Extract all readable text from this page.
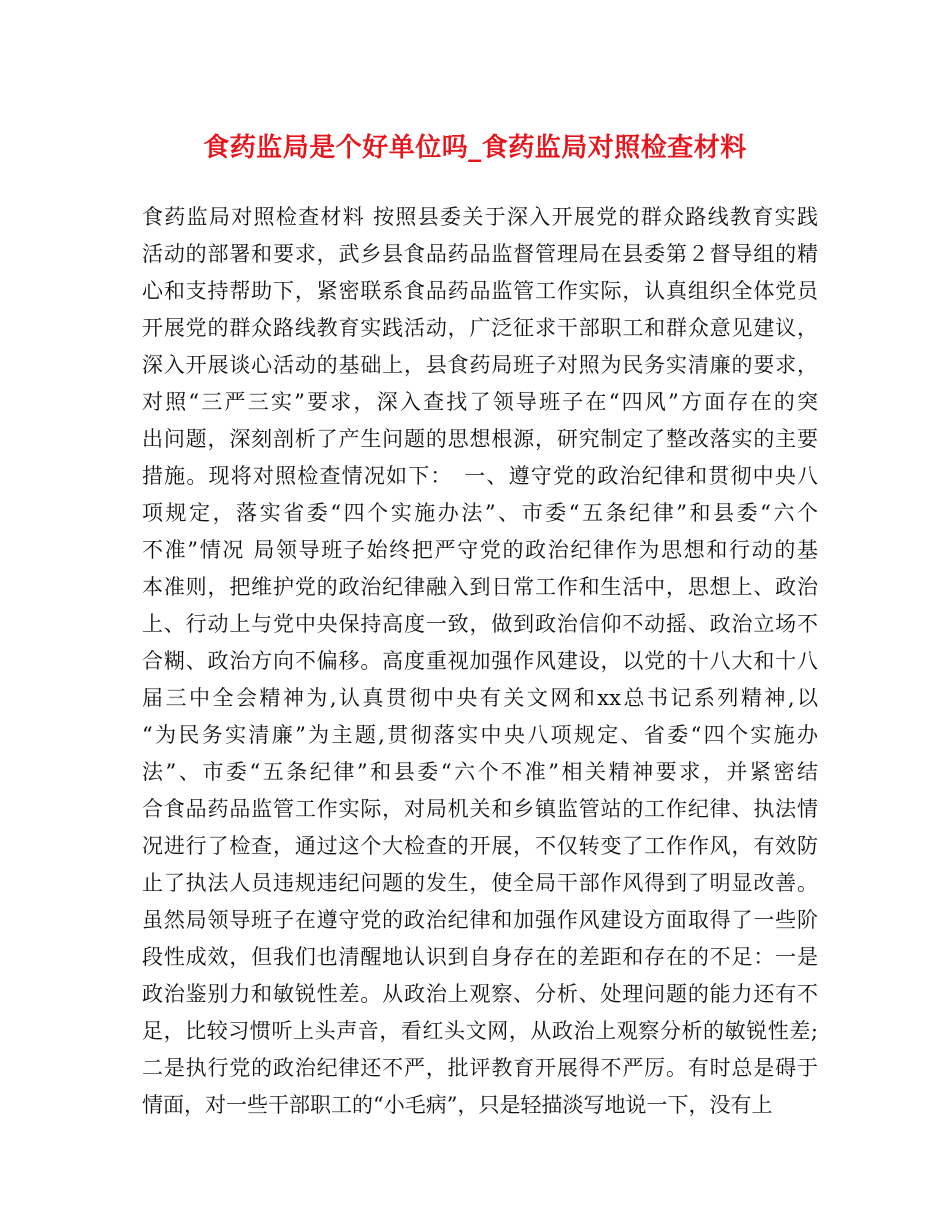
食药监局是个好单位吗_食药监局对照检查材料
食药监局对照检查材料 按照县委关于深入开展党的群众路线教育实践
活动的部署和要求，武乡县食品药品监督管理局在县委第２督导组的精
心和支持帮助下，紧密联系食品药品监管工作实际，认真组织全体党员
开展党的群众路线教育实践活动，广泛征求干部职工和群众意见建议，
深入开展谈心活动的基础上，县食药局班子对照为民务实清廉的要求，
对照“三严三实”要求，深入查找了领导班子在“四风”方面存在的突
出问题，深刻剖析了产生问题的思想根源，研究制定了整改落实的主要
措施。现将对照检查情况如下：　一、遵守党的政治纪律和贯彻中央八
项规定，落实省委“四个实施办法”、市委“五条纪律”和县委“六个
不准”情况 局领导班子始终把严守党的政治纪律作为思想和行动的基
本准则，把维护党的政治纪律融入到日常工作和生活中，思想上、政治
上、行动上与党中央保持高度一致，做到政治信仰不动摇、政治立场不
合糊、政治方向不偏移。高度重视加强作风建设，以党的十八大和十八
届三中全会精神为,认真贯彻中央有关文网和xx总书记系列精神,以
“为民务实清廉”为主题,贯彻落实中央八项规定、省委“四个实施办
法”、市委“五条纪律”和县委“六个不准”相关精神要求，并紧密结
合食品药品监管工作实际，对局机关和乡镇监管站的工作纪律、执法情
况进行了检查，通过这个大检查的开展，不仅转变了工作作风，有效防
止了执法人员违规违纪问题的发生，使全局干部作风得到了明显改善。
虽然局领导班子在遵守党的政治纪律和加强作风建设方面取得了一些阶
段性成效，但我们也清醒地认识到自身存在的差距和存在的不足：一是
政治鉴别力和敏锐性差。从政治上观察、分析、处理问题的能力还有不
足，比较习惯听上头声音，看红头文网，从政治上观察分析的敏锐性差;
二是执行党的政治纪律还不严，批评教育开展得不严厉。有时总是碍于
情面，对一些干部职工的“小毛病”，只是轻描淡写地说一下，没有上
